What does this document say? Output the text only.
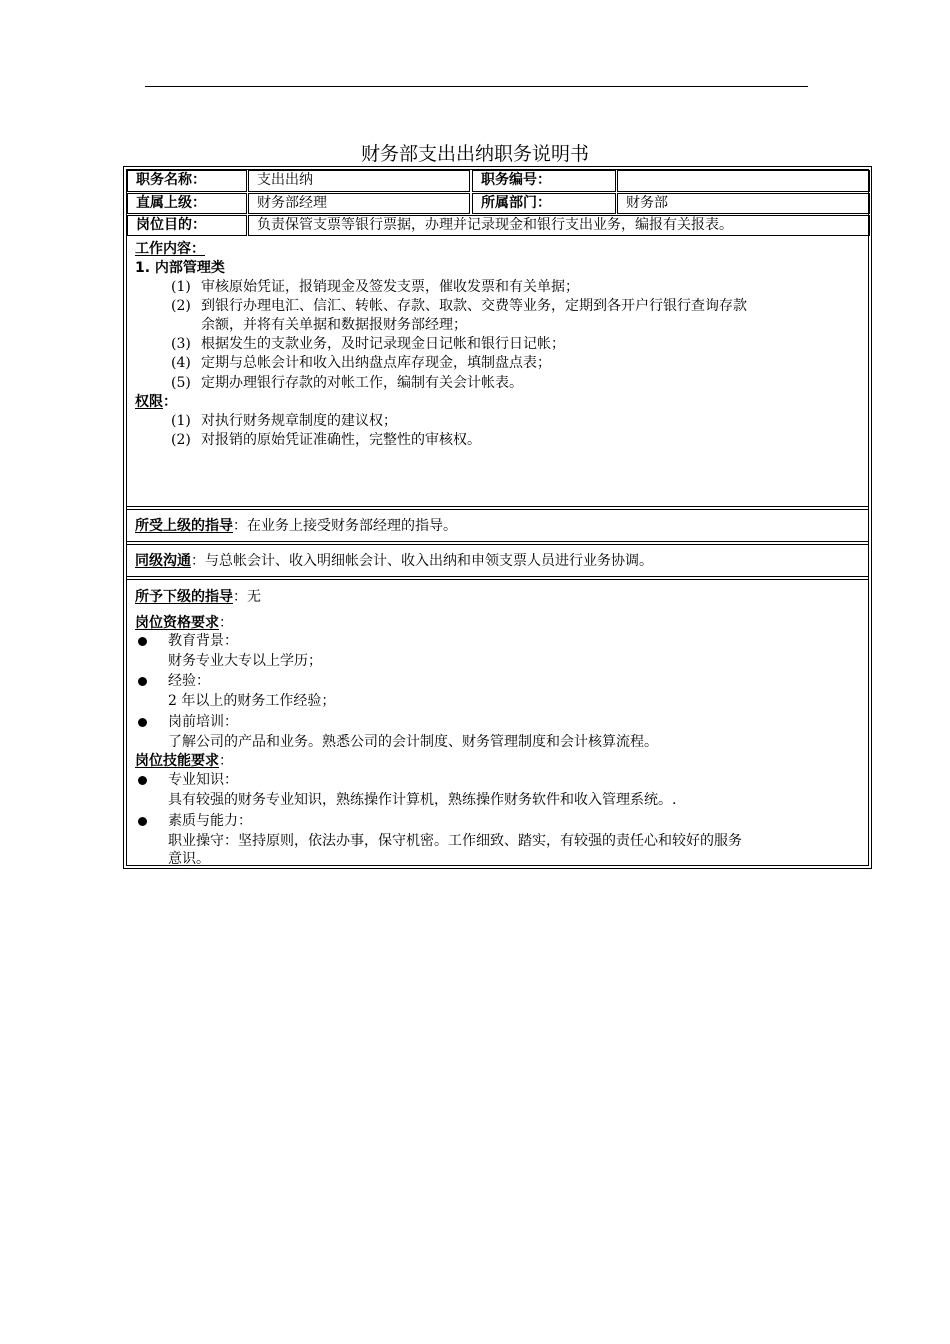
财务部支出出纳职务说明书
职务名称：	支出出纳	职务编号：
直属上级：	财务部经理	所属部门：	财务部
岗位目的：	负责保管支票等银行票据，办理并记录现金和银行支出业务，编报有关报表。
工作内容：
1. 内部管理类
(1) 审核原始凭证，报销现金及签发支票，催收发票和有关单据；
(2) 到银行办理电汇、信汇、转帐、存款、取款、交费等业务，定期到各开户行银行查询存款
余额，并将有关单据和数据报财务部经理；
(3) 根据发生的支款业务，及时记录现金日记帐和银行日记帐；
(4) 定期与总帐会计和收入出纳盘点库存现金，填制盘点表；
(5) 定期办理银行存款的对帐工作，编制有关会计帐表。
权限：
(1) 对执行财务规章制度的建议权；
(2) 对报销的原始凭证准确性，完整性的审核权。
所受上级的指导：在业务上接受财务部经理的指导。
同级沟通：与总帐会计、收入明细帐会计、收入出纳和申领支票人员进行业务协调。
所予下级的指导：无
岗位资格要求：
教育背景：
财务专业大专以上学历；
经验：
2 年以上的财务工作经验；
岗前培训：
了解公司的产品和业务。熟悉公司的会计制度、财务管理制度和会计核算流程。
岗位技能要求：
专业知识：
具有较强的财务专业知识，熟练操作计算机，熟练操作财务软件和收入管理系统。.
素质与能力：
职业操守：坚持原则，依法办事，保守机密。工作细致、踏实，有较强的责任心和较好的服务
意识。
